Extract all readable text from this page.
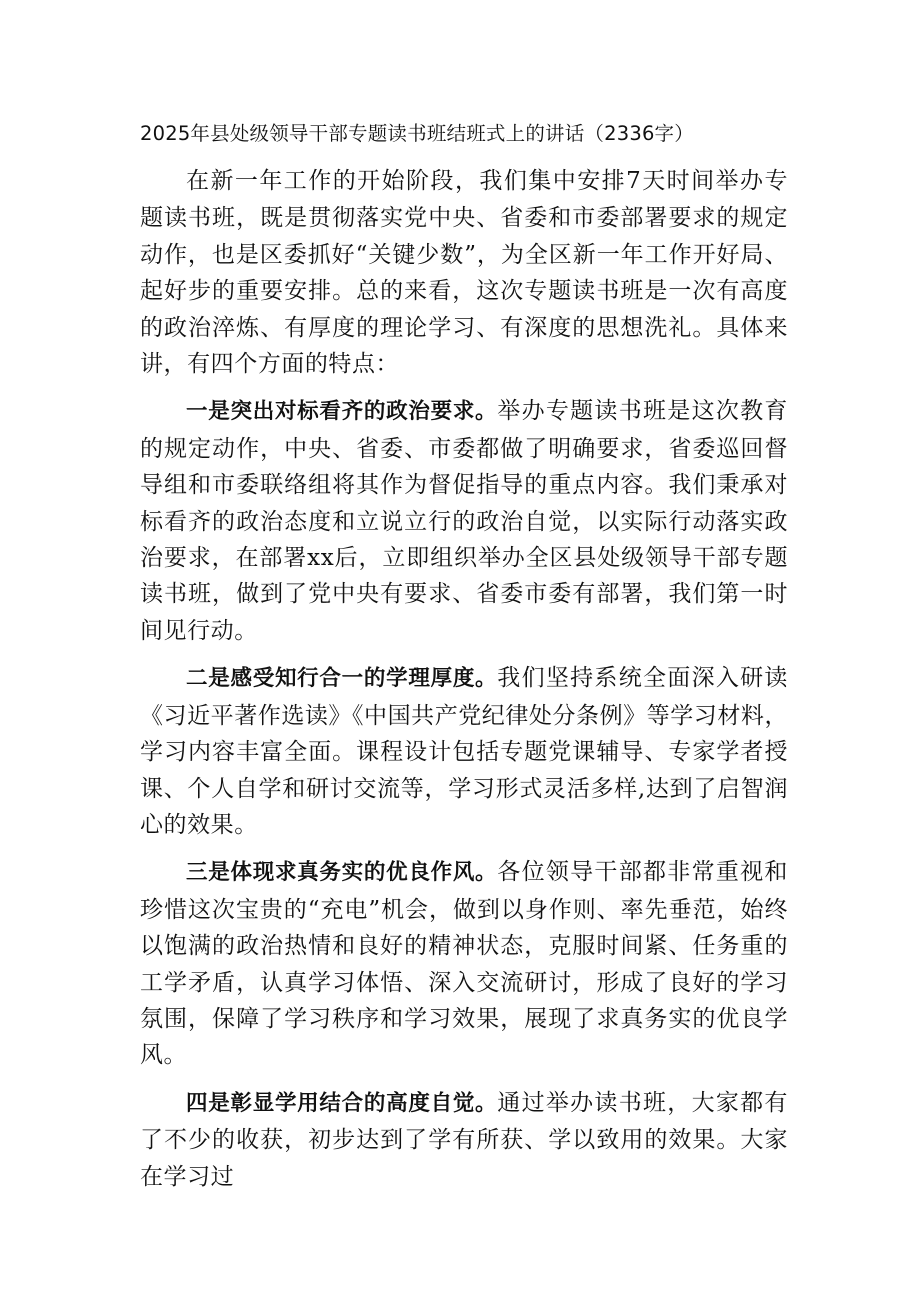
2025年县处级领导干部专题读书班结班式上的讲话（2336字）

在新一年工作的开始阶段，我们集中安排7天时间举办专题读书班，既是贯彻落实党中央、省委和市委部署要求的规定动作，也是区委抓好“关键少数”，为全区新一年工作开好局、起好步的重要安排。总的来看，这次专题读书班是一次有高度的政治淬炼、有厚度的理论学习、有深度的思想洗礼。具体来讲，有四个方面的特点：

一是突出对标看齐的政治要求。举办专题读书班是这次教育的规定动作，中央、省委、市委都做了明确要求，省委巡回督导组和市委联络组将其作为督促指导的重点内容。我们秉承对标看齐的政治态度和立说立行的政治自觉，以实际行动落实政治要求，在部署xx后，立即组织举办全区县处级领导干部专题读书班，做到了党中央有要求、省委市委有部署，我们第一时间见行动。

二是感受知行合一的学理厚度。我们坚持系统全面深入研读《习近平著作选读》《中国共产党纪律处分条例》等学习材料，学习内容丰富全面。课程设计包括专题党课辅导、专家学者授课、个人自学和研讨交流等，学习形式灵活多样,达到了启智润心的效果。

三是体现求真务实的优良作风。各位领导干部都非常重视和珍惜这次宝贵的“充电”机会，做到以身作则、率先垂范，始终以饱满的政治热情和良好的精神状态，克服时间紧、任务重的工学矛盾，认真学习体悟、深入交流研讨，形成了良好的学习氛围，保障了学习秩序和学习效果，展现了求真务实的优良学风。

四是彰显学用结合的高度自觉。通过举办读书班，大家都有了不少的收获，初步达到了学有所获、学以致用的效果。大家在学习过
